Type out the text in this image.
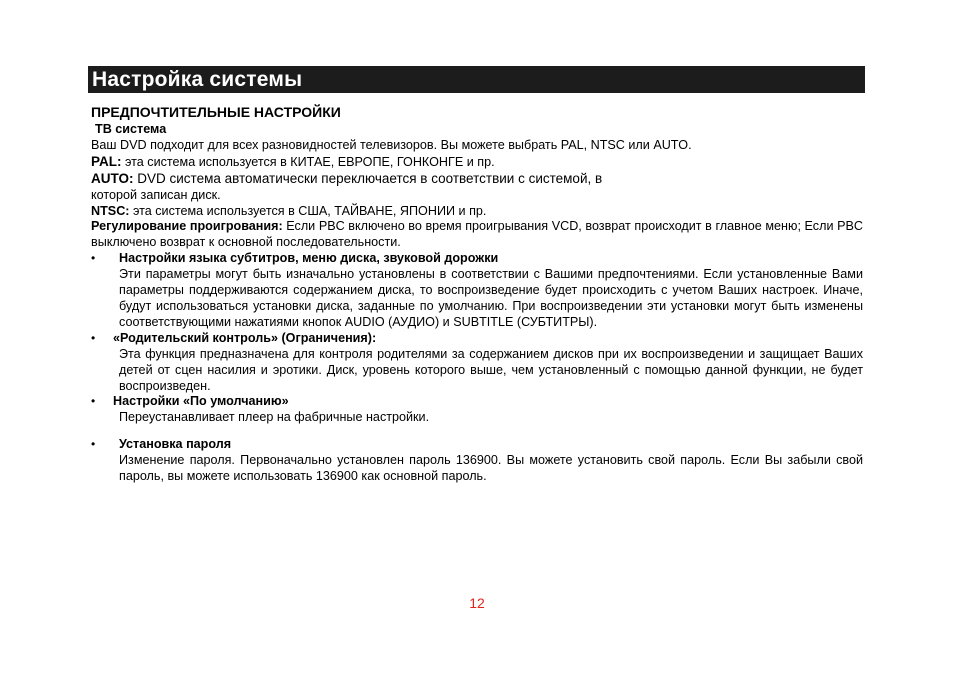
Настройка системы
ПРЕДПОЧТИТЕЛЬНЫЕ НАСТРОЙКИ
ТВ система

Ваш DVD подходит для всех разновидностей телевизоров. Вы можете выбрать PAL, NTSC или AUTO.

PAL: эта система используется в КИТАЕ, ЕВРОПЕ, ГОНКОНГЕ и пр.

AUTO: DVD система автоматически переключается в соответствии с системой, в

которой записан диск.

NTSC: эта система используется в США, ТАЙВАНЕ, ЯПОНИИ и пр.

Регулирование проигрования: Если PBC включено во время проигрывания VCD, возврат происходит в главное меню; Если PBC выключено возврат к основной последовательности.

•	Настройки языка субтитров, меню диска, звуковой дорожки

Эти параметры могут быть изначально установлены в соответствии с Вашими предпочтениями. Если установленные Вами параметры поддерживаются содержанием диска, то воспроизведение будет происходить с учетом Ваших настроек. Иначе, будут использоваться установки диска, заданные по умолчанию. При воспроизведении эти установки могут быть изменены соответствующими нажатиями кнопок AUDIO (АУДИО) и SUBTITLE (СУБТИТРЫ).

•	«Родительский контроль» (Ограничения):

Эта функция предназначена для контроля родителями за содержанием дисков при их воспроизведении и защищает Ваших детей от сцен насилия и эротики. Диск, уровень которого выше, чем установленный с помощью данной функции, не будет воспроизведен.

•	Настройки «По умолчанию»

Переустанавливает плеер на фабричные настройки.

•	Установка пароля

Изменение пароля. Первоначально установлен пароль 136900. Вы можете установить свой пароль. Если Вы забыли свой пароль, вы можете использовать 136900 как основной пароль.

12
